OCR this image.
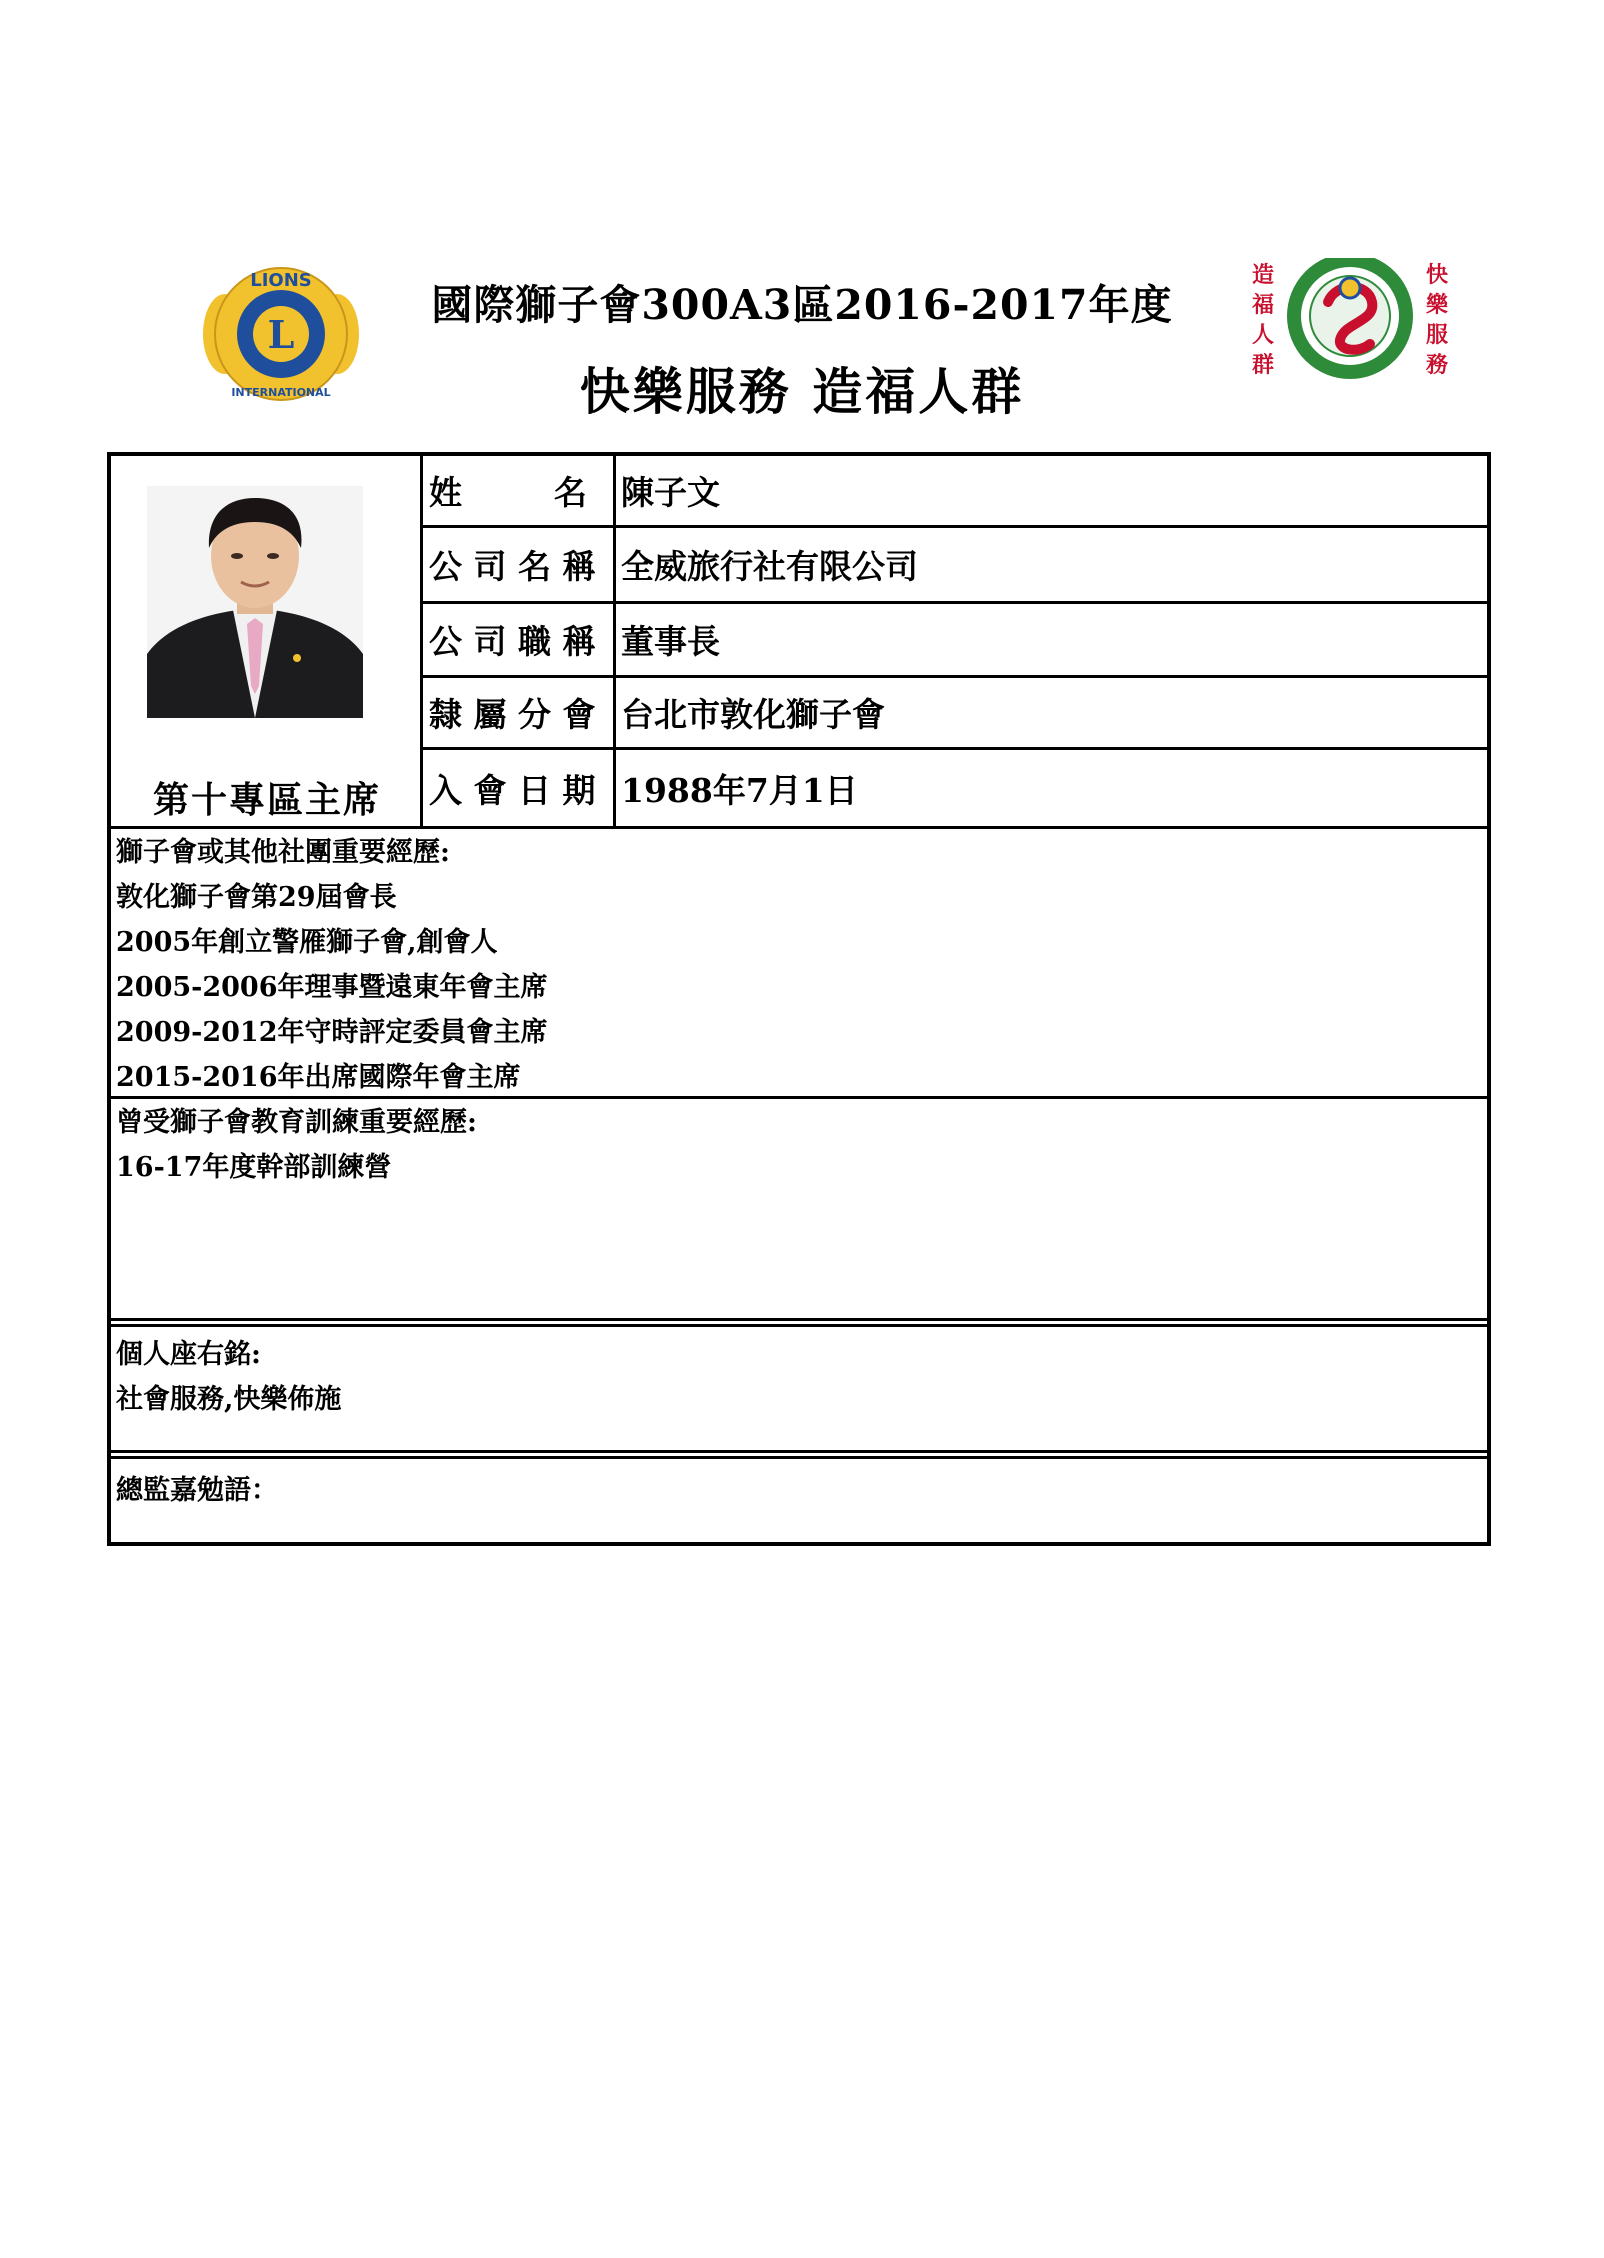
L
LIONS
INTERNATIONAL
國際獅子會300A3區2016-2017年度
快樂服務 造福人群
造
福
人
群
快
樂
服
務
第十專區主席
姓        名	陳子文
公 司 名 稱 全威旅行社有限公司
公 司 職 稱 董事長
隸 屬 分 會 台北市敦化獅子會
入 會 日 期 1988年7月1日
獅子會或其他社團重要經歷:
敦化獅子會第29屆會長
2005年創立警雁獅子會,創會人
2005-2006年理事暨遠東年會主席
2009-2012年守時評定委員會主席
2015-2016年出席國際年會主席
曾受獅子會教育訓練重要經歷:
16-17年度幹部訓練營
個人座右銘:
社會服務,快樂佈施
總監嘉勉語：
